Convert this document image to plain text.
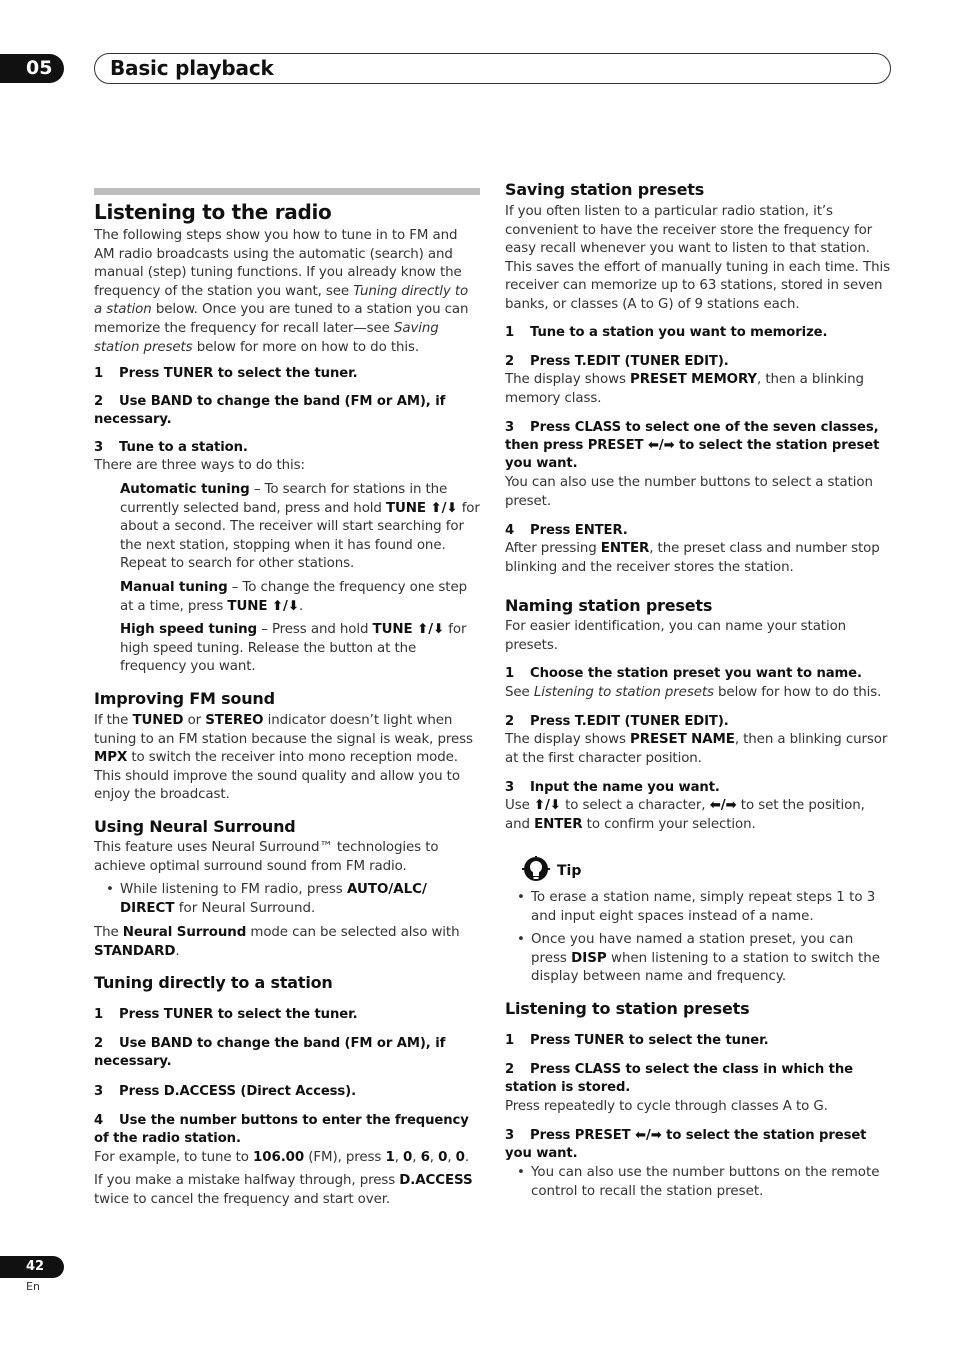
05	Basic playback
Listening to the radio
The following steps show you how to tune in to FM and AM radio broadcasts using the automatic (search) and manual (step) tuning functions. If you already know the frequency of the station you want, see Tuning directly to a station below. Once you are tuned to a station you can memorize the frequency for recall later—see Saving station presets below for more on how to do this.
1 Press TUNER to select the tuner.
2 Use BAND to change the band (FM or AM), if necessary.
3 Tune to a station.
There are three ways to do this:
Automatic tuning – To search for stations in the currently selected band, press and hold TUNE ⬆/⬇ for about a second. The receiver will start searching for the next station, stopping when it has found one. Repeat to search for other stations.
Manual tuning – To change the frequency one step at a time, press TUNE ⬆/⬇.
High speed tuning – Press and hold TUNE ⬆/⬇ for high speed tuning. Release the button at the frequency you want.
Improving FM sound
If the TUNED or STEREO indicator doesn’t light when tuning to an FM station because the signal is weak, press MPX to switch the receiver into mono reception mode. This should improve the sound quality and allow you to enjoy the broadcast.
Using Neural Surround
This feature uses Neural Surround™ technologies to achieve optimal surround sound from FM radio.
• While listening to FM radio, press AUTO/ALC/ DIRECT for Neural Surround.
The Neural Surround mode can be selected also with STANDARD.
Tuning directly to a station
1 Press TUNER to select the tuner.
2 Use BAND to change the band (FM or AM), if necessary.
3 Press D.ACCESS (Direct Access).
4 Use the number buttons to enter the frequency of the radio station.
For example, to tune to 106.00 (FM), press 1, 0, 6, 0, 0.
If you make a mistake halfway through, press D.ACCESS twice to cancel the frequency and start over.
Saving station presets
If you often listen to a particular radio station, it’s convenient to have the receiver store the frequency for easy recall whenever you want to listen to that station. This saves the effort of manually tuning in each time. This receiver can memorize up to 63 stations, stored in seven banks, or classes (A to G) of 9 stations each.
1 Tune to a station you want to memorize.
2 Press T.EDIT (TUNER EDIT).
The display shows PRESET MEMORY, then a blinking memory class.
3 Press CLASS to select one of the seven classes, then press PRESET ⬅/➡ to select the station preset you want.
You can also use the number buttons to select a station preset.
4 Press ENTER.
After pressing ENTER, the preset class and number stop blinking and the receiver stores the station.
Naming station presets
For easier identification, you can name your station presets.
1 Choose the station preset you want to name.
See Listening to station presets below for how to do this.
2 Press T.EDIT (TUNER EDIT).
The display shows PRESET NAME, then a blinking cursor at the first character position.
3 Input the name you want.
Use ⬆/⬇ to select a character, ⬅/➡ to set the position, and ENTER to confirm your selection.
Tip
• To erase a station name, simply repeat steps 1 to 3 and input eight spaces instead of a name.
• Once you have named a station preset, you can press DISP when listening to a station to switch the display between name and frequency.
Listening to station presets
1 Press TUNER to select the tuner.
2 Press CLASS to select the class in which the station is stored.
Press repeatedly to cycle through classes A to G.
3 Press PRESET ⬅/➡ to select the station preset you want.
• You can also use the number buttons on the remote control to recall the station preset.
42
En
